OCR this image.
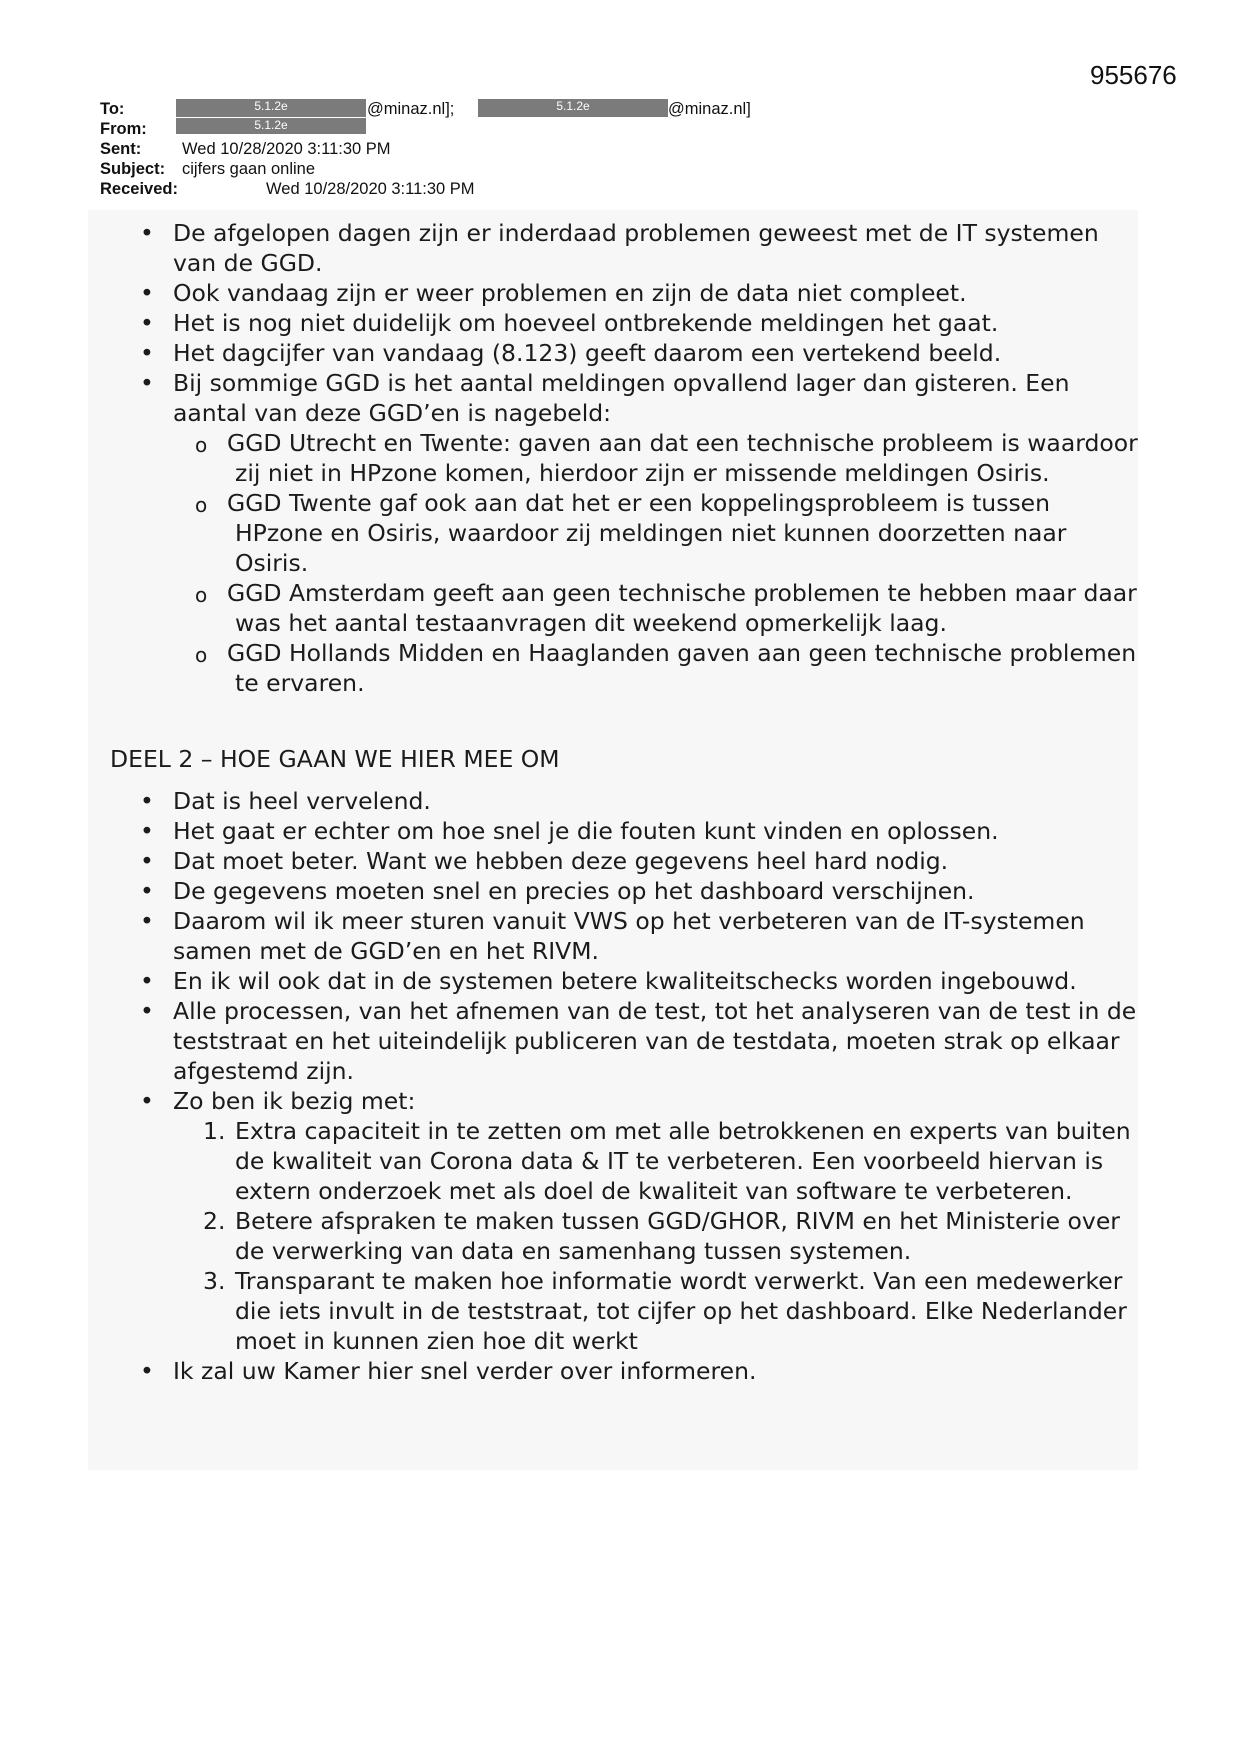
955676
To:	5.1.2e	@minaz.nl];	5.1.2e	@minaz.nl]
From:	5.1.2e
Sent: Wed 10/28/2020 3:11:30 PM
Subject: cijfers gaan online
Received:	Wed 10/28/2020 3:11:30 PM
• De afgelopen dagen zijn er inderdaad problemen geweest met de IT systemen van de GGD.
• Ook vandaag zijn er weer problemen en zijn de data niet compleet.
• Het is nog niet duidelijk om hoeveel ontbrekende meldingen het gaat.
• Het dagcijfer van vandaag (8.123) geeft daarom een vertekend beeld.
• Bij sommige GGD is het aantal meldingen opvallend lager dan gisteren. Een aantal van deze GGD’en is nagebeld:
o GGD Utrecht en Twente: gaven aan dat een technische probleem is waardoor zij niet in HPzone komen, hierdoor zijn er missende meldingen Osiris.
o GGD Twente gaf ook aan dat het er een koppelingsprobleem is tussen HPzone en Osiris, waardoor zij meldingen niet kunnen doorzetten naar Osiris.
o GGD Amsterdam geeft aan geen technische problemen te hebben maar daar was het aantal testaanvragen dit weekend opmerkelijk laag.
o GGD Hollands Midden en Haaglanden gaven aan geen technische problemen te ervaren.
DEEL 2 – HOE GAAN WE HIER MEE OM
• Dat is heel vervelend.
• Het gaat er echter om hoe snel je die fouten kunt vinden en oplossen.
• Dat moet beter. Want we hebben deze gegevens heel hard nodig.
• De gegevens moeten snel en precies op het dashboard verschijnen.
• Daarom wil ik meer sturen vanuit VWS op het verbeteren van de IT-systemen samen met de GGD’en en het RIVM.
• En ik wil ook dat in de systemen betere kwaliteitschecks worden ingebouwd.
• Alle processen, van het afnemen van de test, tot het analyseren van de test in de teststraat en het uiteindelijk publiceren van de testdata, moeten strak op elkaar afgestemd zijn.
• Zo ben ik bezig met:
1. Extra capaciteit in te zetten om met alle betrokkenen en experts van buiten de kwaliteit van Corona data & IT te verbeteren. Een voorbeeld hiervan is extern onderzoek met als doel de kwaliteit van software te verbeteren.
2. Betere afspraken te maken tussen GGD/GHOR, RIVM en het Ministerie over de verwerking van data en samenhang tussen systemen.
3. Transparant te maken hoe informatie wordt verwerkt. Van een medewerker die iets invult in de teststraat, tot cijfer op het dashboard. Elke Nederlander moet in kunnen zien hoe dit werkt
• Ik zal uw Kamer hier snel verder over informeren.
